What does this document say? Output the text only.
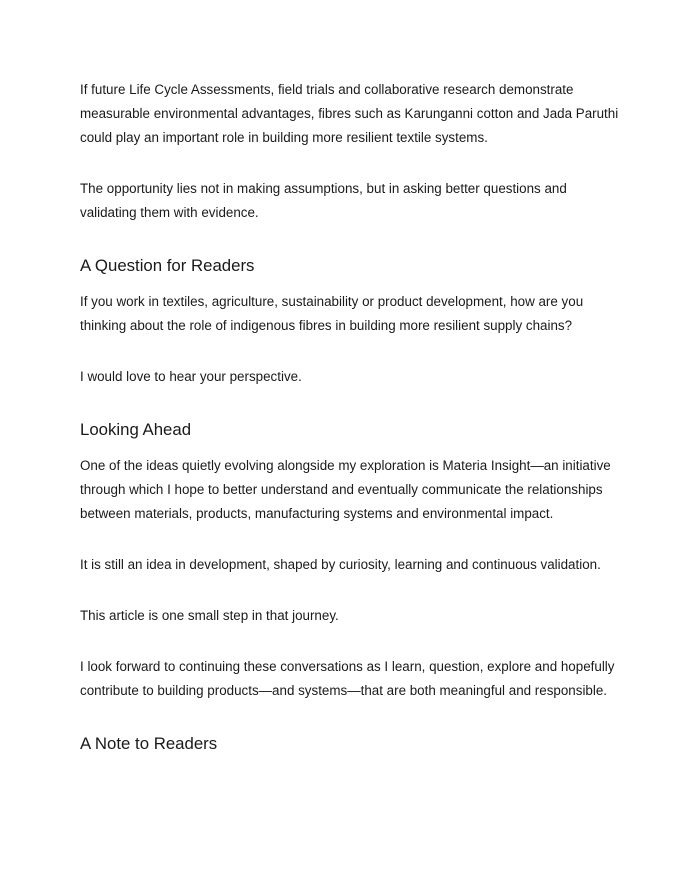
If future Life Cycle Assessments, field trials and collaborative research demonstrate measurable environmental advantages, fibres such as Karunganni cotton and Jada Paruthi could play an important role in building more resilient textile systems.

The opportunity lies not in making assumptions, but in asking better questions and validating them with evidence.

A Question for Readers

If you work in textiles, agriculture, sustainability or product development, how are you thinking about the role of indigenous fibres in building more resilient supply chains?

I would love to hear your perspective.

Looking Ahead

One of the ideas quietly evolving alongside my exploration is Materia Insight—an initiative through which I hope to better understand and eventually communicate the relationships between materials, products, manufacturing systems and environmental impact.

It is still an idea in development, shaped by curiosity, learning and continuous validation.

This article is one small step in that journey.

I look forward to continuing these conversations as I learn, question, explore and hopefully contribute to building products—and systems—that are both meaningful and responsible.

A Note to Readers
